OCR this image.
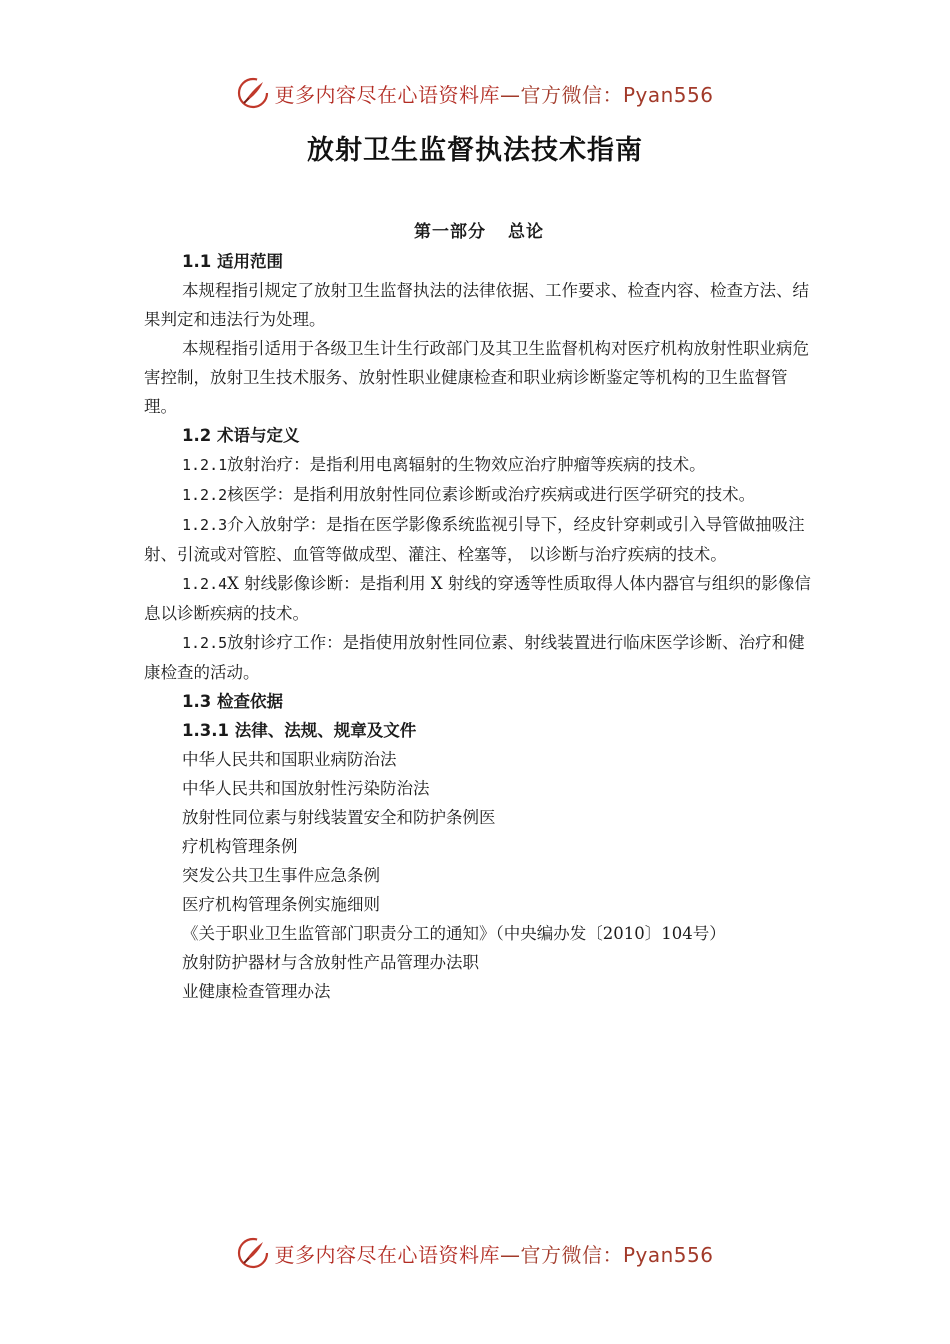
更多内容尽在心语资料库—官方微信：Pyan556
放射卫生监督执法技术指南

第一部分 总论

1.1 适用范围

本规程指引规定了放射卫生监督执法的法律依据、工作要求、检查内容、检查方法、结果判定和违法行为处理。

本规程指引适用于各级卫生计生行政部门及其卫生监督机构对医疗机构放射性职业病危害控制，放射卫生技术服务、放射性职业健康检查和职业病诊断鉴定等机构的卫生监督管理。

1.2 术语与定义

1.2.1放射治疗：是指利用电离辐射的生物效应治疗肿瘤等疾病的技术。

1.2.2核医学：是指利用放射性同位素诊断或治疗疾病或进行医学研究的技术。

1.2.3介入放射学：是指在医学影像系统监视引导下，经皮针穿刺或引入导管做抽吸注射、引流或对管腔、血管等做成型、灌注、栓塞等， 以诊断与治疗疾病的技术。

1.2.4X 射线影像诊断：是指利用 X 射线的穿透等性质取得人体内器官与组织的影像信息以诊断疾病的技术。

1.2.5放射诊疗工作：是指使用放射性同位素、射线装置进行临床医学诊断、治疗和健康检查的活动。

1.3 检查依据

1.3.1 法律、法规、规章及文件

中华人民共和国职业病防治法

中华人民共和国放射性污染防治法

放射性同位素与射线装置安全和防护条例医

疗机构管理条例

突发公共卫生事件应急条例

医疗机构管理条例实施细则

《关于职业卫生监管部门职责分工的通知》（中央编办发〔2010〕104号）

放射防护器材与含放射性产品管理办法职

业健康检查管理办法

更多内容尽在心语资料库—官方微信：Pyan556
